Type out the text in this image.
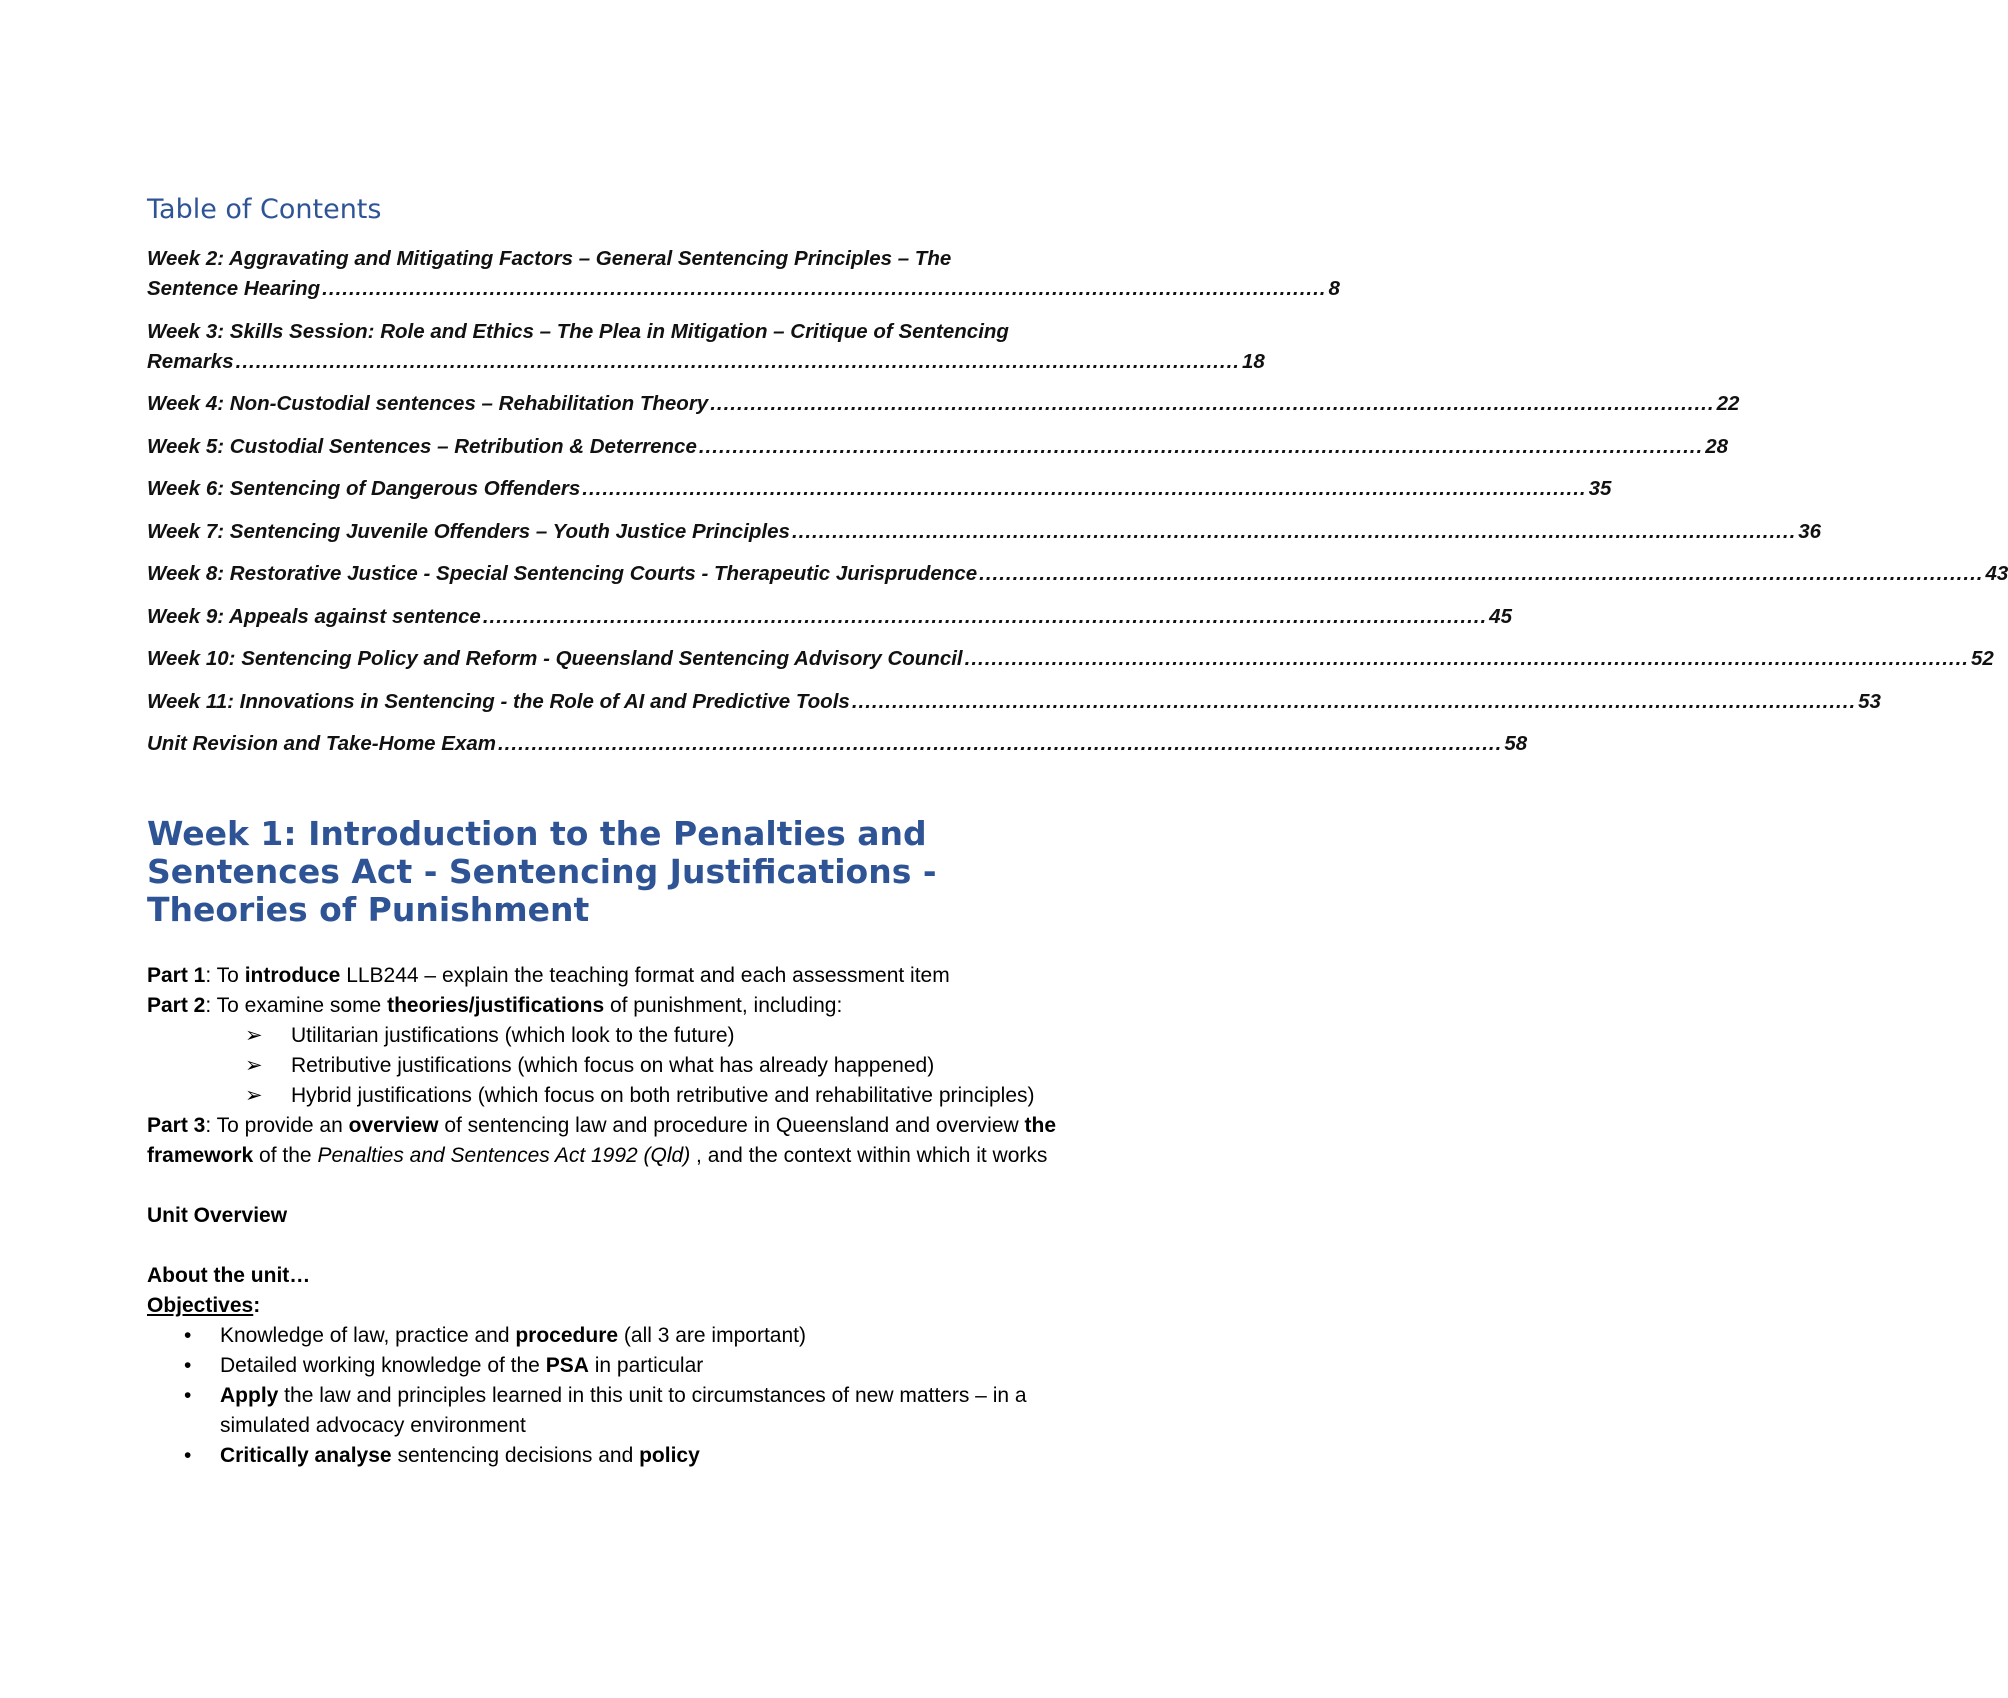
Table of Contents
Week 2: Aggravating and Mitigating Factors – General Sentencing Principles – The
Sentence Hearing ...................................................................................................................................................... 8
Week 3: Skills Session: Role and Ethics – The Plea in Mitigation – Critique of Sentencing
Remarks ...................................................................................................................................................... 18
Week 4: Non-Custodial sentences – Rehabilitation Theory ...................................................................................................................................................... 22
Week 5: Custodial Sentences – Retribution & Deterrence ...................................................................................................................................................... 28
Week 6: Sentencing of Dangerous Offenders ...................................................................................................................................................... 35
Week 7: Sentencing Juvenile Offenders – Youth Justice Principles ...................................................................................................................................................... 36
Week 8: Restorative Justice - Special Sentencing Courts - Therapeutic Jurisprudence ...................................................................................................................................................... 43
Week 9: Appeals against sentence ...................................................................................................................................................... 45
Week 10: Sentencing Policy and Reform - Queensland Sentencing Advisory Council ...................................................................................................................................................... 52
Week 11: Innovations in Sentencing - the Role of AI and Predictive Tools ...................................................................................................................................................... 53
Unit Revision and Take-Home Exam ...................................................................................................................................................... 58
Week 1: Introduction to the Penalties and Sentences Act - Sentencing Justifications - Theories of Punishment

Part 1: To introduce LLB244 – explain the teaching format and each assessment item

Part 2: To examine some theories/justifications of punishment, including:

➢ Utilitarian justifications (which look to the future)
➢ Retributive justifications (which focus on what has already happened)
➢ Hybrid justifications (which focus on both retributive and rehabilitative principles)

Part 3: To provide an overview of sentencing law and procedure in Queensland and overview the framework of the Penalties and Sentences Act 1992 (Qld) , and the context within which it works

Unit Overview

About the unit…

Objectives:

• Knowledge of law, practice and procedure (all 3 are important)
• Detailed working knowledge of the PSA in particular
• Apply the law and principles learned in this unit to circumstances of new matters – in a simulated advocacy environment
• Critically analyse sentencing decisions and policy
